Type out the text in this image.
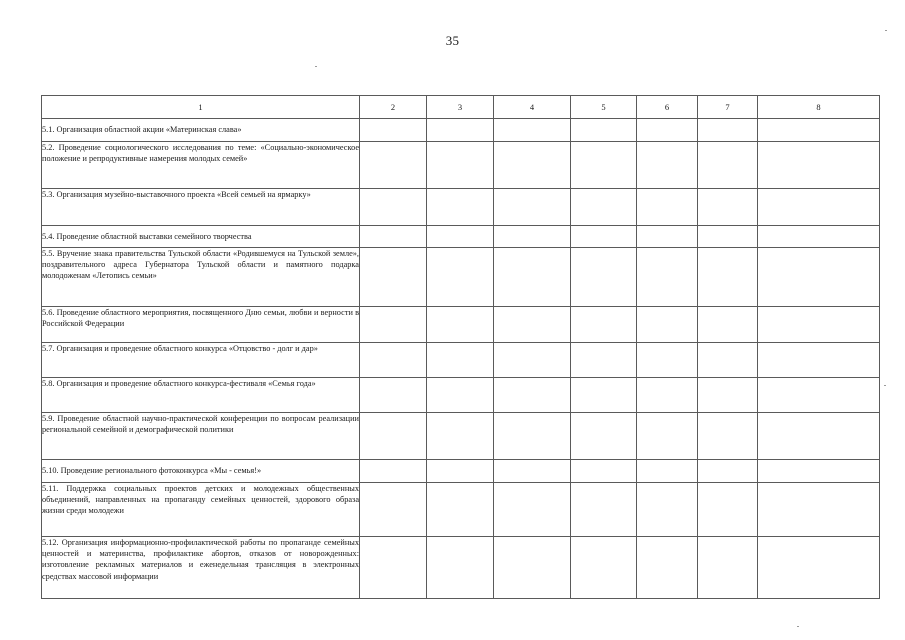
35
1	2	3	4	5	6	7	8
5.1. Организация областной акции «Материнская слава»							
5.2. Проведение социологического исследования по теме: «Социально-экономическое положение и репродуктивные намерения молодых семей»							
5.3. Организация музейно-выставочного проекта «Всей семьей на ярмарку»							
5.4. Проведение областной выставки семейного творчества							
5.5. Вручение знака правительства Тульской области «Родившемуся на Тульской земле», поздравительного адреса Губернатора Тульской области и памятного подарка молодоженам «Летопись семьи»							
5.6. Проведение областного мероприятия, посвященного Дню семьи, любви и верности в Российской Федерации							
5.7. Организация и проведение областного конкурса «Отцовство - долг и дар»							
5.8. Организация и проведение областного конкурса-фестиваля «Семья года»							
5.9. Проведение областной научно-практической конференции по вопросам реализации региональной семейной и демографической политики							
5.10. Проведение регионального фотоконкурса «Мы - семья!»							
5.11. Поддержка социальных проектов детских и молодежных общественных объединений, направленных на пропаганду семейных ценностей, здорового образа жизни среди молодежи							
5.12. Организация информационно-профилактической работы по пропаганде семейных ценностей и материнства, профилактике абортов, отказов от новорожденных: изготовление рекламных материалов и еженедельная трансляция в электронных средствах массовой информации							
